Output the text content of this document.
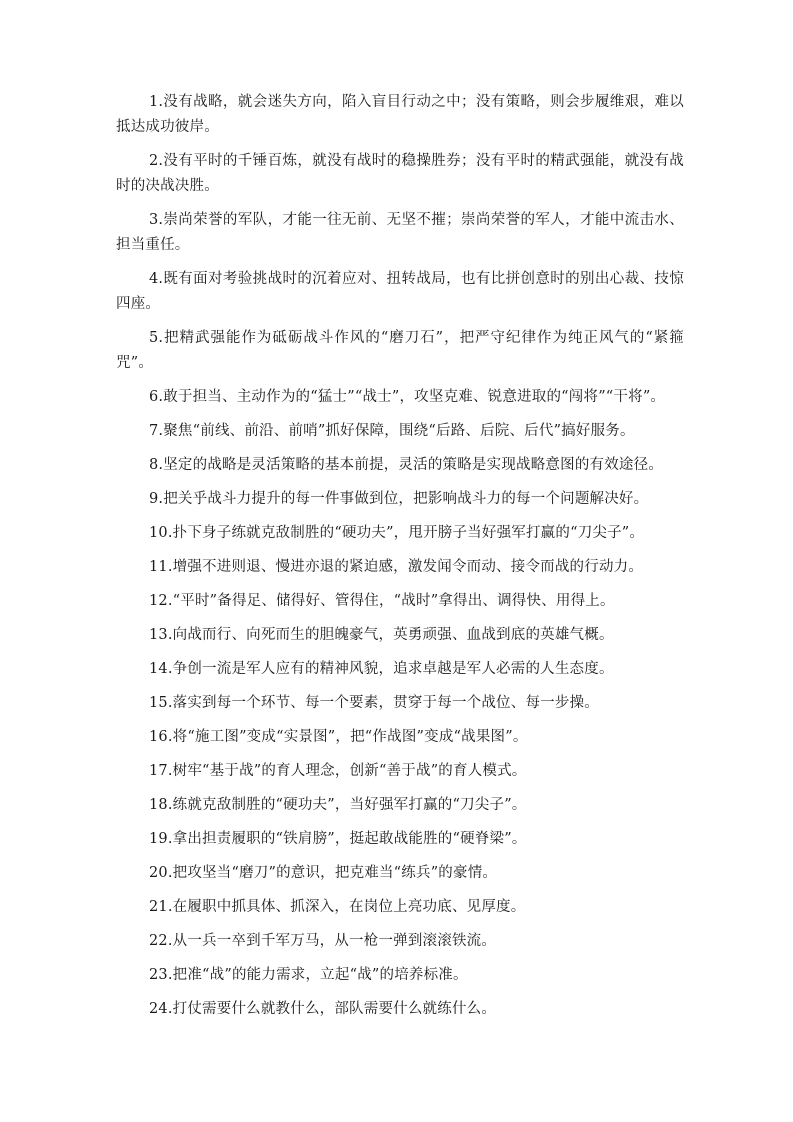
1.没有战略，就会迷失方向，陷入盲目行动之中；没有策略，则会步履维艰，难以抵达成功彼岸。

2.没有平时的千锤百炼，就没有战时的稳操胜券；没有平时的精武强能，就没有战时的决战决胜。

3.崇尚荣誉的军队，才能一往无前、无坚不摧；崇尚荣誉的军人，才能中流击水、担当重任。

4.既有面对考验挑战时的沉着应对、扭转战局，也有比拼创意时的别出心裁、技惊四座。

5.把精武强能作为砥砺战斗作风的“磨刀石”，把严守纪律作为纯正风气的“紧箍咒”。

6.敢于担当、主动作为的“猛士”“战士”，攻坚克难、锐意进取的“闯将”“干将”。

7.聚焦“前线、前沿、前哨”抓好保障，围绕“后路、后院、后代”搞好服务。

8.坚定的战略是灵活策略的基本前提，灵活的策略是实现战略意图的有效途径。

9.把关乎战斗力提升的每一件事做到位，把影响战斗力的每一个问题解决好。

10.扑下身子练就克敌制胜的“硬功夫”，甩开膀子当好强军打赢的“刀尖子”。

11.增强不进则退、慢进亦退的紧迫感，激发闻令而动、接令而战的行动力。

12.“平时”备得足、储得好、管得住，“战时”拿得出、调得快、用得上。

13.向战而行、向死而生的胆魄豪气，英勇顽强、血战到底的英雄气概。

14.争创一流是军人应有的精神风貌，追求卓越是军人必需的人生态度。

15.落实到每一个环节、每一个要素，贯穿于每一个战位、每一步操。

16.将“施工图”变成“实景图”，把“作战图”变成“战果图”。

17.树牢“基于战”的育人理念，创新“善于战”的育人模式。

18.练就克敌制胜的“硬功夫”，当好强军打赢的“刀尖子”。

19.拿出担责履职的“铁肩膀”，挺起敢战能胜的“硬脊梁”。

20.把攻坚当“磨刀”的意识，把克难当“练兵”的豪情。

21.在履职中抓具体、抓深入，在岗位上亮功底、见厚度。

22.从一兵一卒到千军万马，从一枪一弹到滚滚铁流。

23.把准“战”的能力需求，立起“战”的培养标准。

24.打仗需要什么就教什么，部队需要什么就练什么。
